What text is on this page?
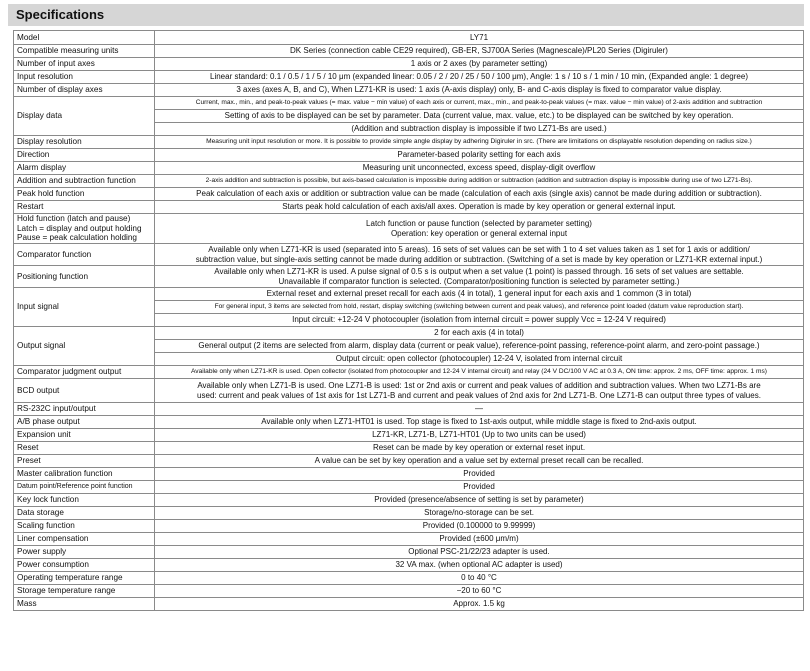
Specifications
Model	LY71
Compatible measuring units	DK Series (connection cable CE29 required), GB-ER, SJ700A Series (Magnescale)/PL20 Series (Digiruler)
Number of input axes	1 axis or 2 axes (by parameter setting)
Input resolution	Linear standard: 0.1 / 0.5 / 1 / 5 / 10 μm (expanded linear: 0.05 / 2 / 20 / 25 / 50 / 100 μm), Angle: 1 s / 10 s / 1 min / 10 min, (Expanded angle: 1 degree)
Number of display axes	3 axes (axes A, B, and C), When LZ71-KR is used: 1 axis (A-axis display) only, B- and C-axis display is fixed to comparator value display.
Display data	Current, max., min., and peak-to-peak values (= max. value − min value) of each axis or current, max., min., and peak-to-peak values (= max. value − min value) of 2-axis addition and subtraction
	Setting of axis to be displayed can be set by parameter. Data (current value, max. value, etc.) to be displayed can be switched by key operation.
	(Addition and subtraction display is impossible if two LZ71-Bs are used.)
Display resolution	Measuring unit input resolution or more. It is possible to provide simple angle display by adhering Digiruler in src. (There are limitations on displayable resolution depending on radius size.)
Direction	Parameter-based polarity setting for each axis
Alarm display	Measuring unit unconnected, excess speed, display-digit overflow
Addition and subtraction function	2-axis addition and subtraction is possible, but axis-based calculation is impossible during addition or subtraction (addition and subtraction display is impossible during use of two LZ71-Bs).
Peak hold function	Peak calculation of each axis or addition or subtraction value can be made (calculation of each axis (single axis) cannot be made during addition or subtraction).
Restart	Starts peak hold calculation of each axis/all axes. Operation is made by key operation or general external input.
Hold function (latch and pause)
Latch = display and output holding
Pause = peak calculation holding	Latch function or pause function (selected by parameter setting)
Operation: key operation or general external input
Comparator function	Available only when LZ71-KR is used (separated into 5 areas). 16 sets of set values can be set with 1 to 4 set values taken as 1 set for 1 axis or addition/
subtraction value, but single-axis setting cannot be made during addition or subtraction. (Switching of a set is made by key operation or LZ71-KR external input.)
Positioning function	Available only when LZ71-KR is used. A pulse signal of 0.5 s is output when a set value (1 point) is passed through. 16 sets of set values are settable.
Unavailable if comparator function is selected. (Comparator/positioning function is selected by parameter setting.)
Input signal	External reset and external preset recall for each axis (4 in total), 1 general input for each axis and 1 common (3 in total)
	For general input, 3 items are selected from hold, restart, display switching (switching between current and peak values), and reference point loaded (datum value reproduction start).
	Input circuit: +12-24 V photocoupler (isolation from internal circuit = power supply Vcc = 12-24 V required)
Output signal	2 for each axis (4 in total)
	General output (2 items are selected from alarm, display data (current or peak value), reference-point passing, reference-point alarm, and zero-point passage.)
	Output circuit: open collector (photocoupler) 12-24 V, isolated from internal circuit
Comparator judgment output	Available only when LZ71-KR is used. Open collector (isolated from photocoupler and 12-24 V internal circuit) and relay (24 V DC/100 V AC at 0.3 A, ON time: approx. 2 ms, OFF time: approx. 1 ms)
BCD output	Available only when LZ71-B is used. One LZ71-B is used: 1st or 2nd axis or current and peak values of addition and subtraction values. When two LZ71-Bs are
used: current and peak values of 1st axis for 1st LZ71-B and current and peak values of 2nd axis for 2nd LZ71-B. One LZ71-B can output three types of values.
RS-232C input/output	—
A/B phase output	Available only when LZ71-HT01 is used. Top stage is fixed to 1st-axis output, while middle stage is fixed to 2nd-axis output.
Expansion unit	LZ71-KR, LZ71-B, LZ71-HT01 (Up to two units can be used)
Reset	Reset can be made by key operation or external reset input.
Preset	A value can be set by key operation and a value set by external preset recall can be recalled.
Master calibration function	Provided
Datum point/Reference point function	Provided
Key lock function	Provided (presence/absence of setting is set by parameter)
Data storage	Storage/no-storage can be set.
Scaling function	Provided (0.100000 to 9.99999)
Liner compensation	Provided (±600 μm/m)
Power supply	Optional PSC-21/22/23 adapter is used.
Power consumption	32 VA max. (when optional AC adapter is used)
Operating temperature range	0 to 40 °C
Storage temperature range	−20 to 60 °C
Mass	Approx. 1.5 kg
